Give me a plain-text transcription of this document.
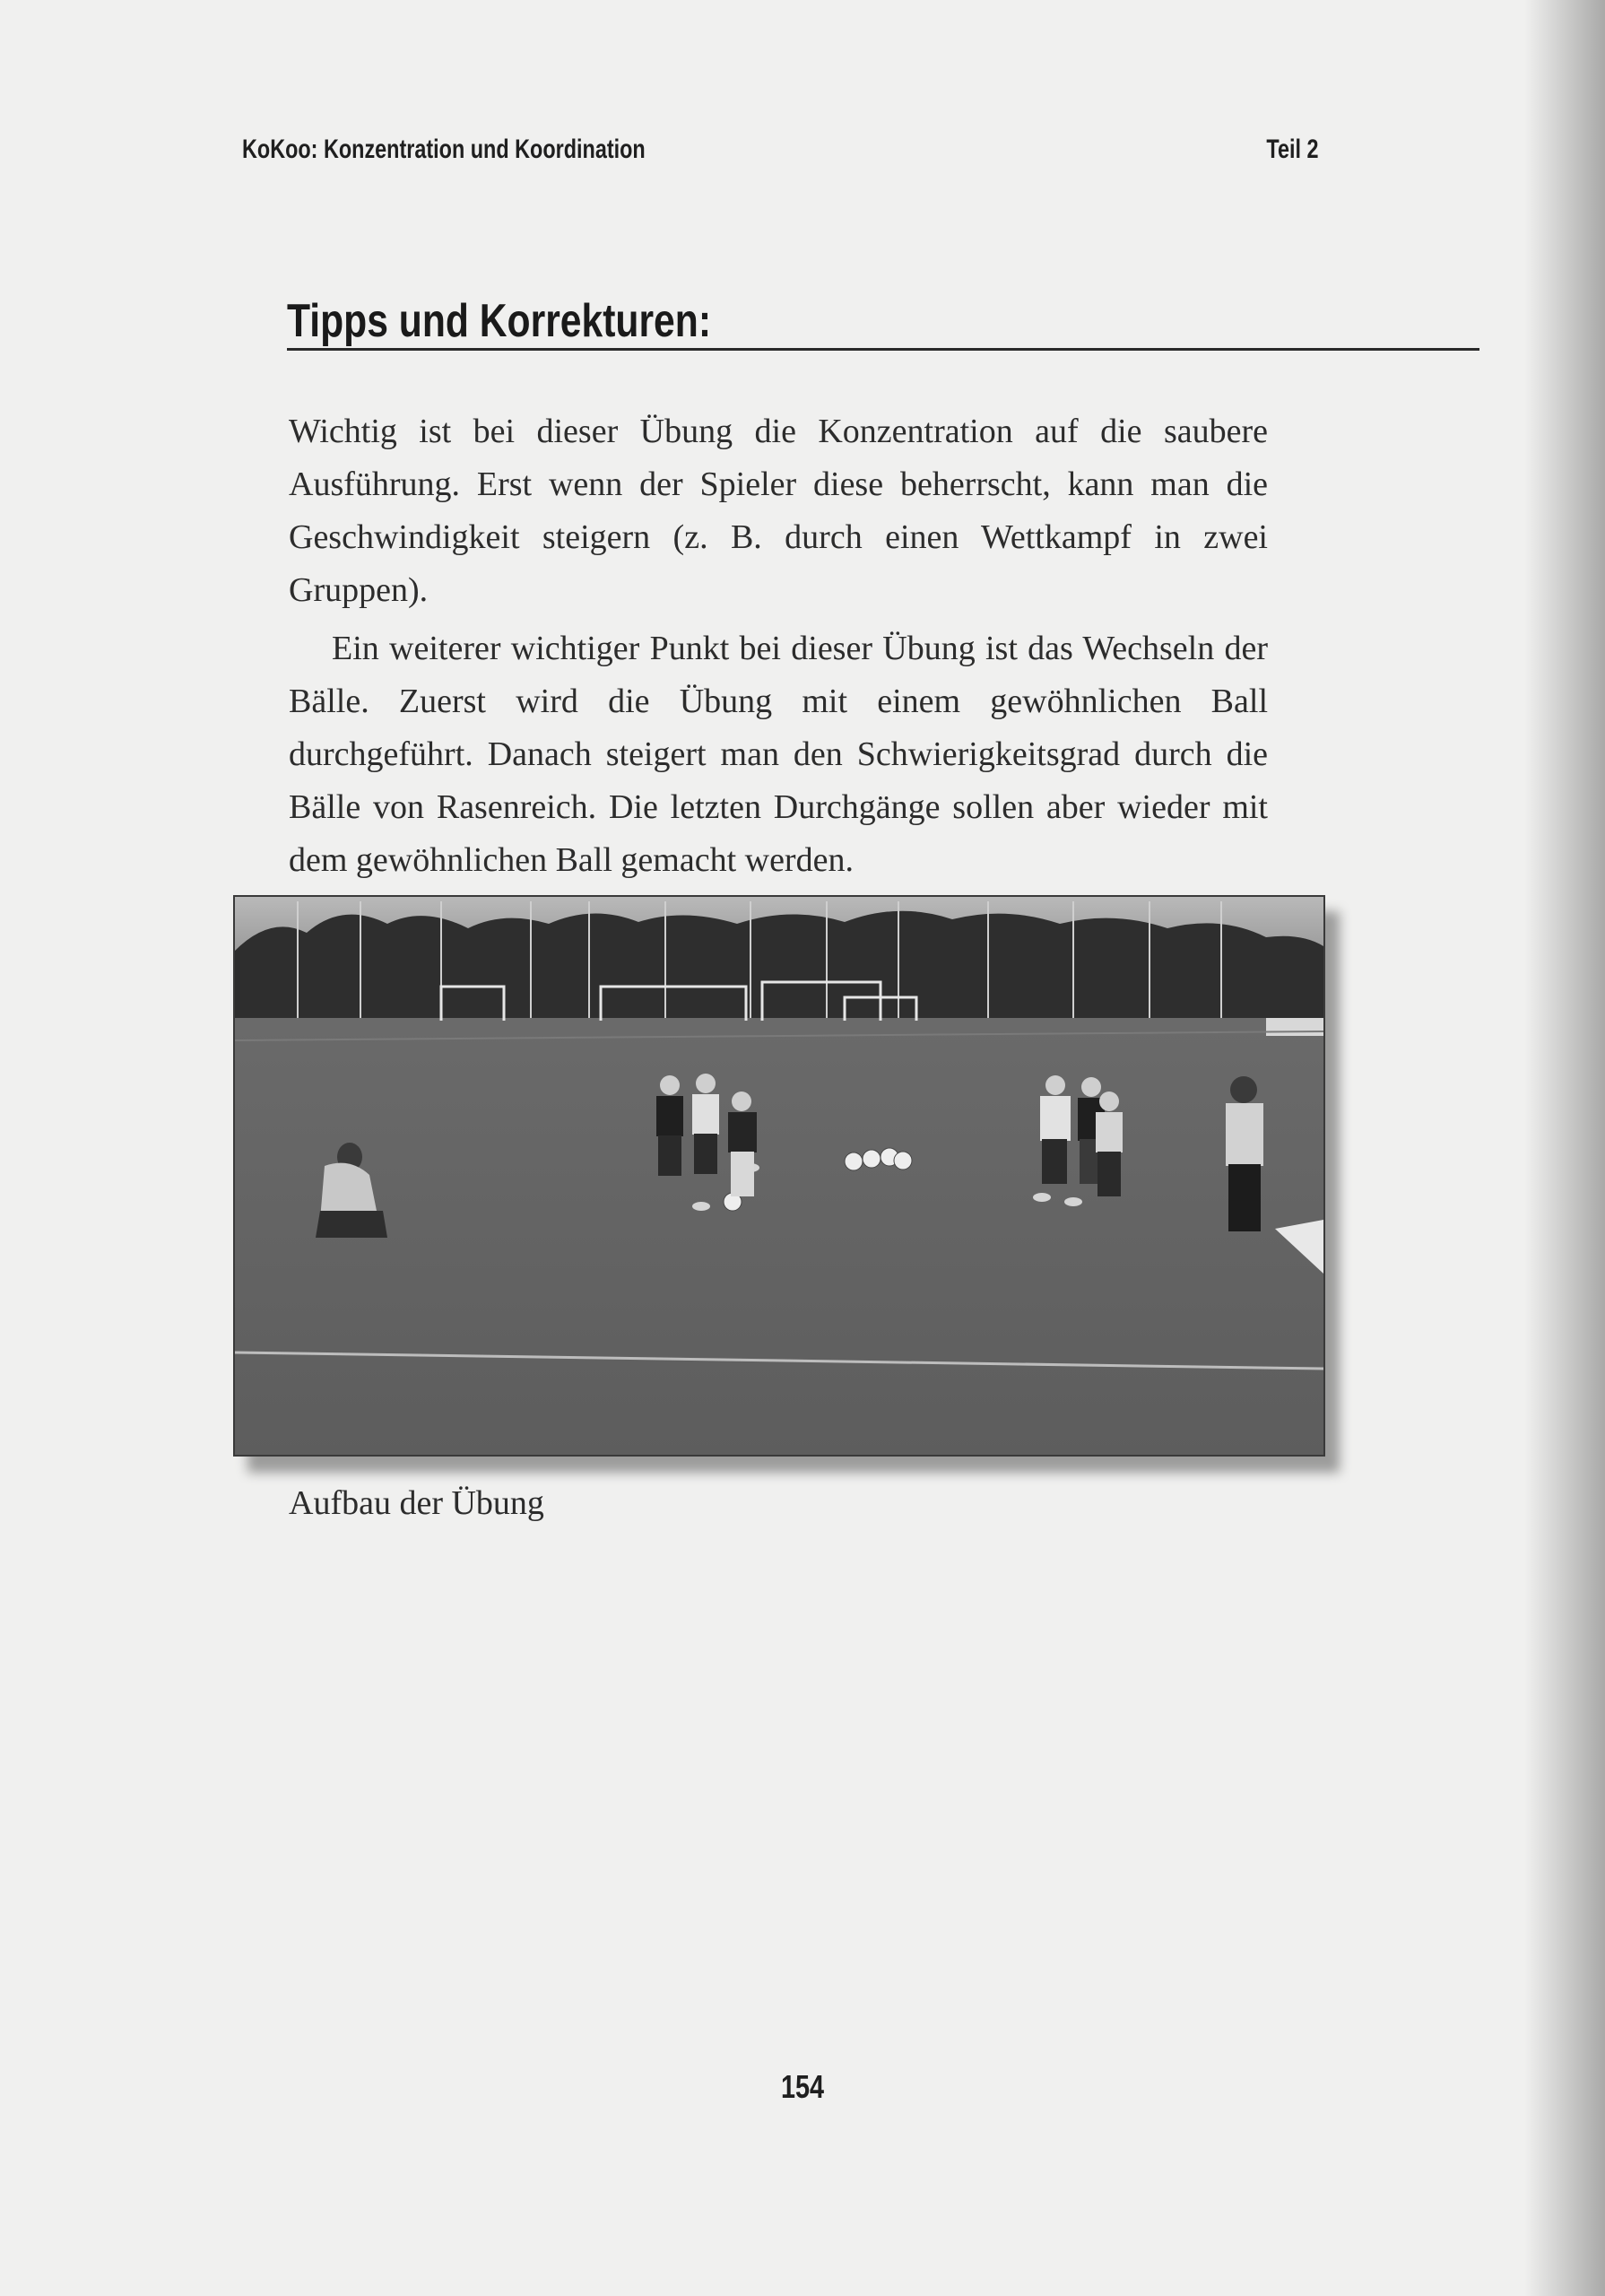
KoKoo: Konzentration und Koordination	Teil 2
Tipps und Korrekturen:

Wichtig ist bei dieser Übung die Konzentration auf die saubere Ausführung. Erst wenn der Spieler diese beherrscht, kann man die Geschwindigkeit steigern (z. B. durch einen Wettkampf in zwei Gruppen).

Ein weiterer wichtiger Punkt bei dieser Übung ist das Wechseln der Bälle. Zuerst wird die Übung mit einem gewöhnlichen Ball durchgeführt. Danach steigert man den Schwierigkeitsgrad durch die Bälle von Rasenreich. Die letzten Durchgänge sollen aber wieder mit dem gewöhnlichen Ball gemacht werden.

Aufbau der Übung
154
